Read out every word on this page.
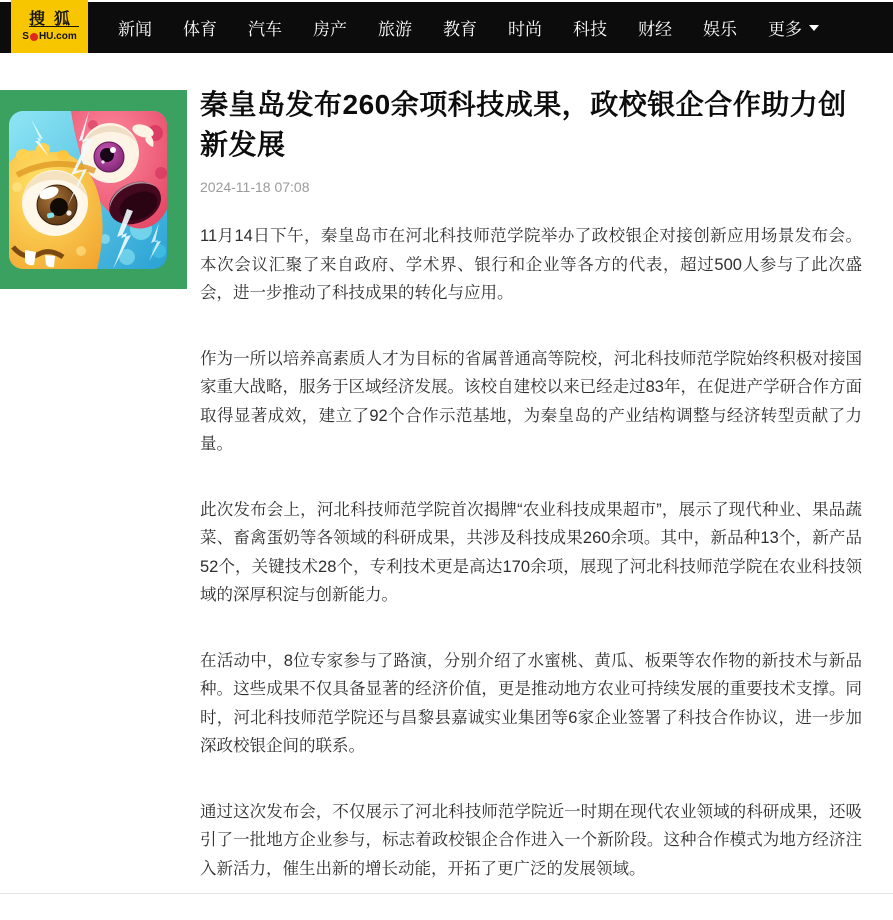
搜狐
S HU.com 新闻 体育 汽车 房产 旅游 教育 时尚 科技 财经 娱乐 更多
秦皇岛发布260余项科技成果，政校银企合作助力创新发展
2024-11-18 07:08

11月14日下午，秦皇岛市在河北科技师范学院举办了政校银企对接创新应用场景发布会。本次会议汇聚了来自政府、学术界、银行和企业等各方的代表，超过500人参与了此次盛会，进一步推动了科技成果的转化与应用。

作为一所以培养高素质人才为目标的省属普通高等院校，河北科技师范学院始终积极对接国家重大战略，服务于区域经济发展。该校自建校以来已经走过83年，在促进产学研合作方面取得显著成效，建立了92个合作示范基地，为秦皇岛的产业结构调整与经济转型贡献了力量。

此次发布会上，河北科技师范学院首次揭牌“农业科技成果超市”，展示了现代种业、果品蔬菜、畜禽蛋奶等各领域的科研成果，共涉及科技成果260余项。其中，新品种13个，新产品52个，关键技术28个，专利技术更是高达170余项，展现了河北科技师范学院在农业科技领域的深厚积淀与创新能力。

在活动中，8位专家参与了路演，分别介绍了水蜜桃、黄瓜、板栗等农作物的新技术与新品种。这些成果不仅具备显著的经济价值，更是推动地方农业可持续发展的重要技术支撑。同时，河北科技师范学院还与昌黎县嘉诚实业集团等6家企业签署了科技合作协议，进一步加深政校银企间的联系。

通过这次发布会，不仅展示了河北科技师范学院近一时期在现代农业领域的科研成果，还吸引了一批地方企业参与，标志着政校银企合作进入一个新阶段。这种合作模式为地方经济注入新活力，催生出新的增长动能，开拓了更广泛的发展领域。
